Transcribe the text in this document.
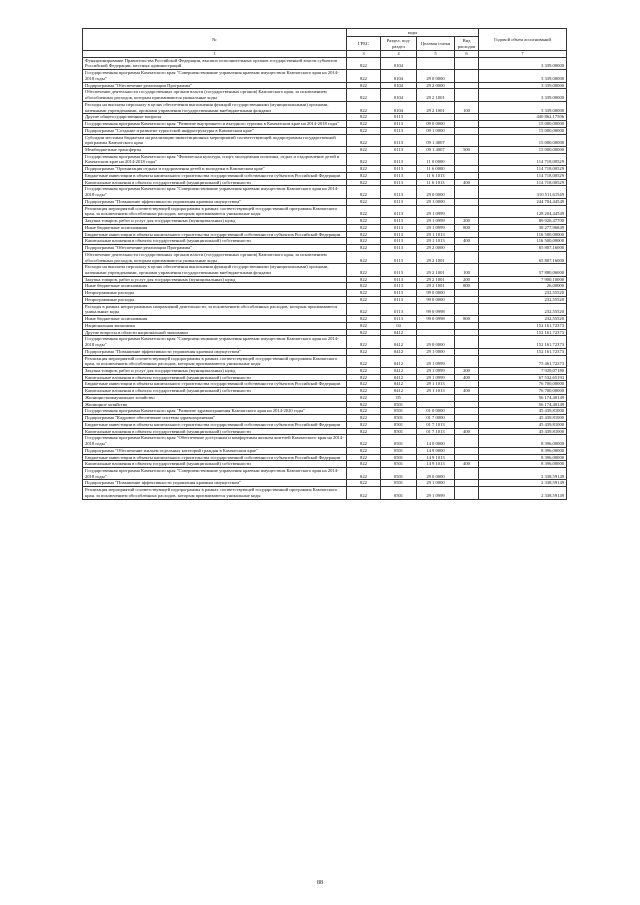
№	коды				Годовой объем ассигнований
	ГРБС	Раздел, под-раздел	Целевая статья	Вид расходов	
1	3	4	5	6	7
Функционирование Правительства Российской Федерации, высших исполнительных органов государственной власти субъектов Российской Федерации, местных администраций	822	0104			3 339,00000
Государственная программа Камчатского края "Совершенствование управления краевым имуществом Камчатского края на 2014-2018 годы"	822	0104	29 0 0000		3 339,00000
Подпрограмма "Обеспечение реализации Программы"	822	0104	29 2 0000		3 339,00000
Обеспечение деятельности государственных органов власти (государственных органов) Камчатского края, за исключением обособленных расходов, которым присваиваются уникальные коды	822	0104	29 2 1001		3 339,00000
Расходы на выплаты персоналу в целях обеспечения выполнения функций государственными (муниципальными) органами, казенными учреждениями, органами управления государственными внебюджетными фондами	822	0104	29 2 1001	100	3 339,00000
Другие общегосударственные вопросы	822	0113			440 862,17506
Государственная программа Камчатского края "Развитие внутреннего и въездного туризма в Камчатском крае на 2014-2018 годы"	822	0113	09 0 0000		15 000,00000
Подпрограмма "Создание и развитие туристской инфраструктуры в Камчатском крае"	822	0113	09 1 0000		15 000,00000
Субсидии местным бюджетам на реализацию инвестиционных мероприятий соответствующей подпрограммы государственной программы Камчатского края	822	0113	09 1 4007		15 000,00000
Межбюджетные трансферты	822	0113	09 1 4007	500	15 000,00000
Государственная программа Камчатского края "Физическая культура, спорт, молодежная политика, отдых и оздоровление детей в Камчатском крае на 2014-2018 годы"	822	0113	11 0 0000		114 718,00529
Подпрограмма "Организация отдыха и оздоровления детей и молодежи в Камчатском крае"	822	0113	11 6 0000		114 718,00529
Бюджетные инвестиции в объекты капитального строительства государственной собственности субъектов Российской Федерации	822	0113	11 6 1013		114 718,00529
Капитальные вложения в объекты государственной (муниципальной) собственности	822	0113	11 6 1013	400	114 718,00529
Государственная программа Камчатского края "Совершенствование управления краевым имуществом Камчатского края на 2014-2018 годы"	822	0113	29 0 0000		310 511,61549
Подпрограмма "Повышение эффективности управления краевым имуществом"	822	0113	29 1 0000		244 704,44549
Реализация мероприятий соответствующей подпрограммы в рамках соответствующей государственной программы Камчатского края, за исключением обособленных расходов, которым присваиваются уникальные коды	822	0113	29 1 0999		128 204,44549
Закупка товаров, работ и услуг для государственных (муниципальных) нужд	822	0113	29 1 0999	200	89 926,47700
Иные бюджетные ассигнования	822	0113	29 1 0999	800	38 277,96849
Бюджетные инвестиции в объекты капитального строительства государственной собственности субъектов Российской Федерации	822	0113	29 1 1013		116 500,00000
Капитальные вложения в объекты государственной (муниципальной) собственности	822	0113	29 1 1013	400	116 500,00000
Подпрограмма "Обеспечение реализации Программы"	822	0113	29 2 0000		65 807,16000
Обеспечение деятельности государственных органов власти (государственных органов) Камчатского края, за исключением обособленных расходов, которым присваиваются уникальные коды	822	0113	29 2 1001		65 807,16000
Расходы на выплаты персоналу в целях обеспечения выполнения функций государственными (муниципальными) органами, казенными учреждениями, органами управления государственными внебюджетными фондами	822	0113	29 2 1001	100	57 880,06000
Закупка товаров, работ и услуг для государственных (муниципальных) нужд	822	0113	29 2 1001	200	7 900,10000
Иные бюджетные ассигнования	822	0113	29 2 1001	800	26,00000
Непрограммные расходы	822	0113	99 0 0000		232,55520
Непрограммные расходы	822	0113	99 0 0000		232,55520
Расходы в рамках непрограммных направлений деятельности, за исключением обособленных расходов, которым присваиваются уникальные коды	822	0113	99 0 0998		232,55520
Иные бюджетные ассигнования	822	0113	99 0 0998	800	232,55520
Национальная экономика	822	04			152 161,72373
Другие вопросы в области национальной экономики	822	0412			152 161,72373
Государственная программа Камчатского края "Совершенствование управления краевым имуществом Камчатского края на 2014-2018 годы"	822	0412	29 0 0000		152 161,72373
Подпрограмма "Повышение эффективности управления краевым имуществом"	822	0412	29 1 0000		152 161,72373
Реализация мероприятий соответствующей подпрограммы в рамках соответствующей государственной программы Камчатского края, за исключением обособленных расходов, которым присваиваются уникальные коды	822	0412	29 1 0999		75 461,72373
Закупка товаров, работ и услуг для государственных (муниципальных) нужд	822	0412	29 1 0999	200	7 929,07180
Капитальные вложения в объекты государственной (муниципальной) собственности	822	0412	29 1 0999	400	67 532,65193
Бюджетные инвестиции в объекты капитального строительства государственной собственности субъектов Российской Федерации	822	0412	29 1 1013		76 700,00000
Капитальные вложения в объекты государственной (муниципальной) собственности	822	0412	29 1 1013	400	76 700,00000
Жилищно-коммунальное хозяйство	822	05			56 174,40149
Жилищное хозяйство	822	0501			56 174,40149
Государственная программа Камчатского края "Развитие здравоохранения Камчатского края на 2014-2020 годы"	822	0501	01 0 0000		45 439,81000
Подпрограмма "Кадровое обеспечение системы здравоохранения"	822	0501	01 7 0000		45 439,81000
Бюджетные инвестиции в объекты капитального строительства государственной собственности субъектов Российской Федерации	822	0501	01 7 1013		45 439,81000
Капитальные вложения в объекты государственной (муниципальной) собственности	822	0501	01 7 1013	400	45 439,81000
Государственная программа Камчатского края "Обеспечение доступным и комфортным жильем жителей Камчатского края на 2014-2018 годы"	822	0501	14 0 0000		8 396,00000
Подпрограмма "Обеспечение жильем отдельных категорий граждан в Камчатском крае"	822	0501	14 9 0000		8 396,00000
Бюджетные инвестиции в объекты капитального строительства государственной собственности субъектов Российской Федерации	822	0501	14 9 1013		8 396,00000
Капитальные вложения в объекты государственной (муниципальной) собственности	822	0501	14 9 1013	400	8 396,00000
Государственная программа Камчатского края "Совершенствование управления краевым имуществом Камчатского края на 2014-2018 годы"	822	0501	29 0 0000		2 338,59149
Подпрограмма "Повышение эффективности управления краевым имуществом"	822	0501	29 1 0000		2 338,59149
Реализация мероприятий соответствующей подпрограммы в рамках соответствующей государственной программы Камчатского края, за исключением обособленных расходов, которым присваиваются уникальные коды	822	0501	29 1 0999		2 338,59149
88
